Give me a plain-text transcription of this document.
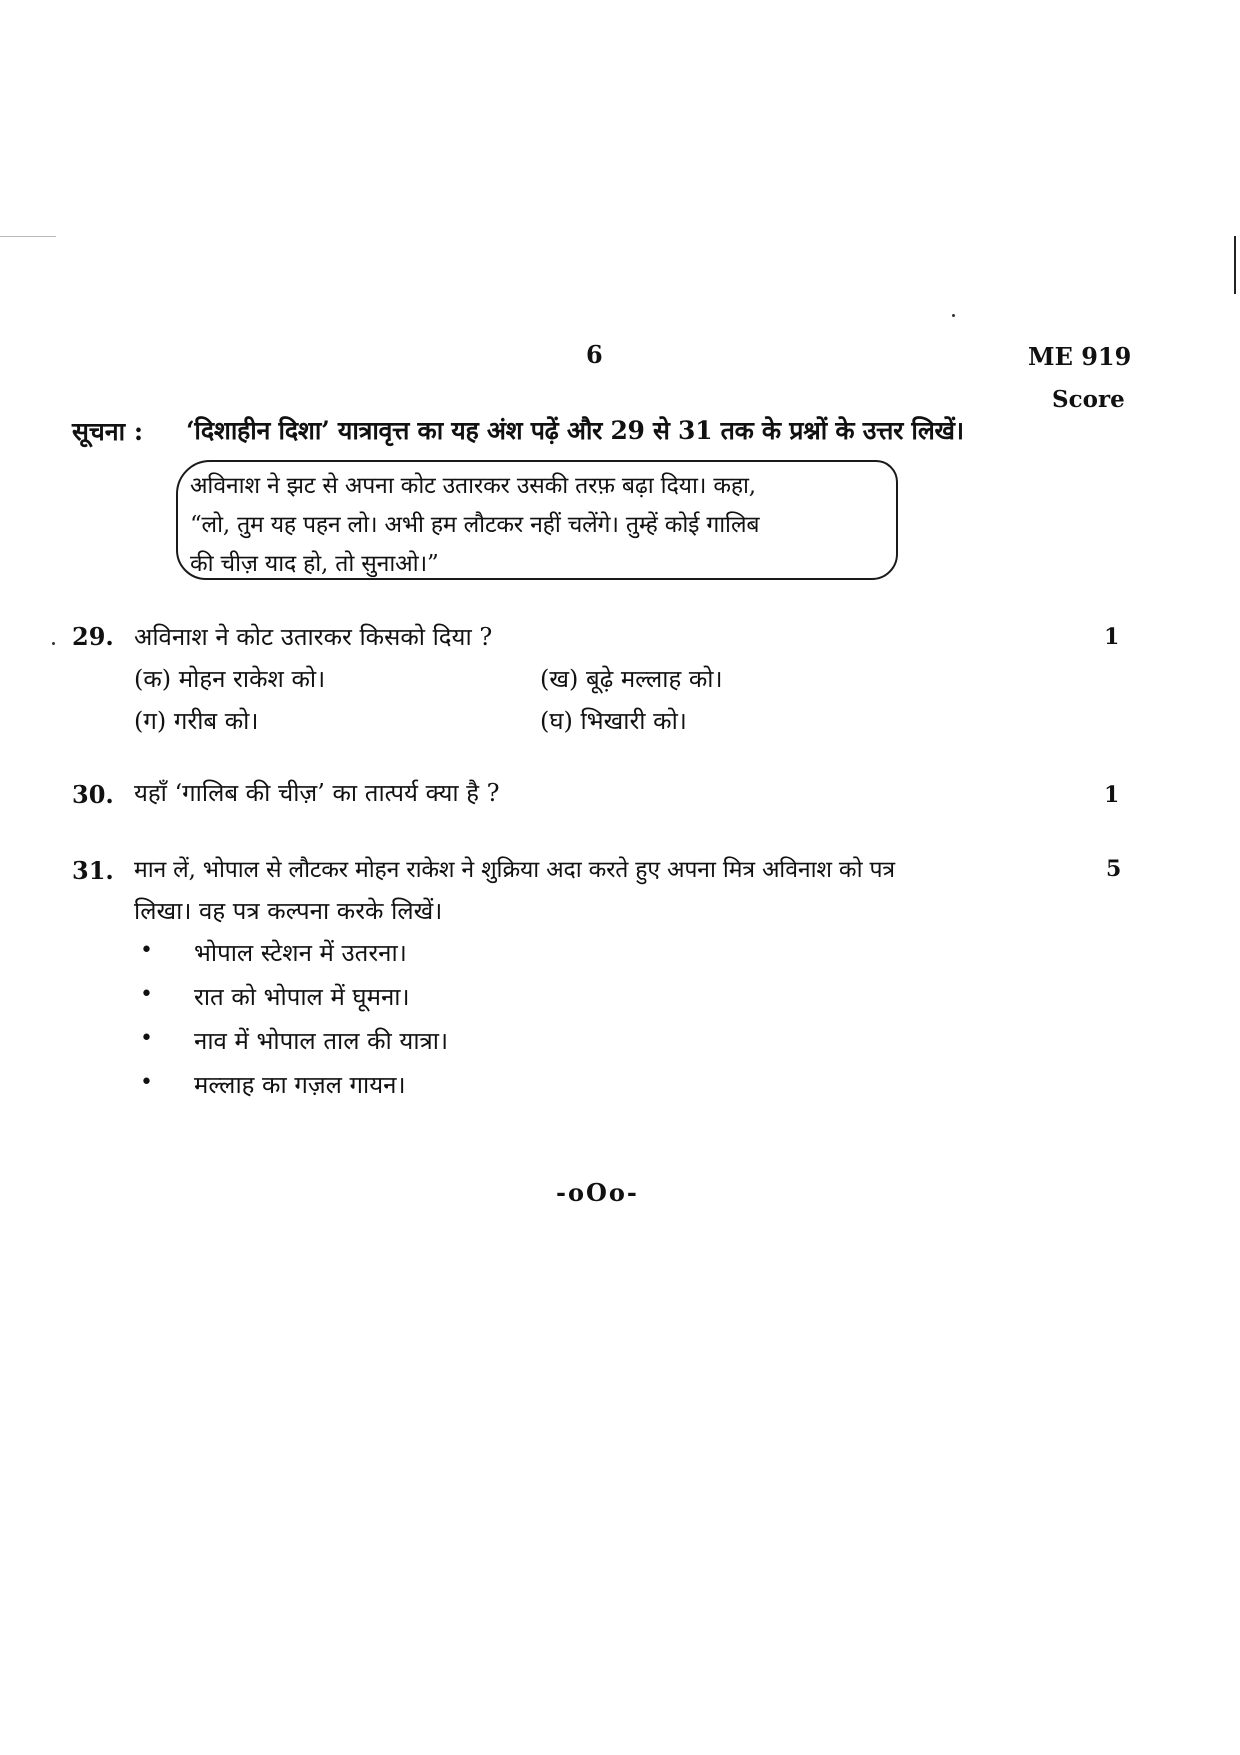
6	ME 919
Score
सूचना : ‘दिशाहीन दिशा’ यात्रावृत्त का यह अंश पढ़ें और 29 से 31 तक के प्रश्नों के उत्तर लिखें।
अविनाश ने झट से अपना कोट उतारकर उसकी तरफ़ बढ़ा दिया। कहा,
“लो, तुम यह पहन लो। अभी हम लौटकर नहीं चलेंगे। तुम्हें कोई गालिब
की चीज़ याद हो, तो सुनाओ।”
29. अविनाश ने कोट उतारकर किसको दिया ?	1
(क) मोहन राकेश को।	(ख) बूढ़े मल्लाह को।
(ग) गरीब को।	(घ) भिखारी को।
30. यहाँ ‘गालिब की चीज़’ का तात्पर्य क्या है ?	1
31. मान लें, भोपाल से लौटकर मोहन राकेश ने शुक्रिया अदा करते हुए अपना मित्र अविनाश को पत्र
लिखा। वह पत्र कल्पना करके लिखें।
5
• भोपाल स्टेशन में उतरना।
• रात को भोपाल में घूमना।
• नाव में भोपाल ताल की यात्रा।
• मल्लाह का गज़ल गायन।
-oOo-
